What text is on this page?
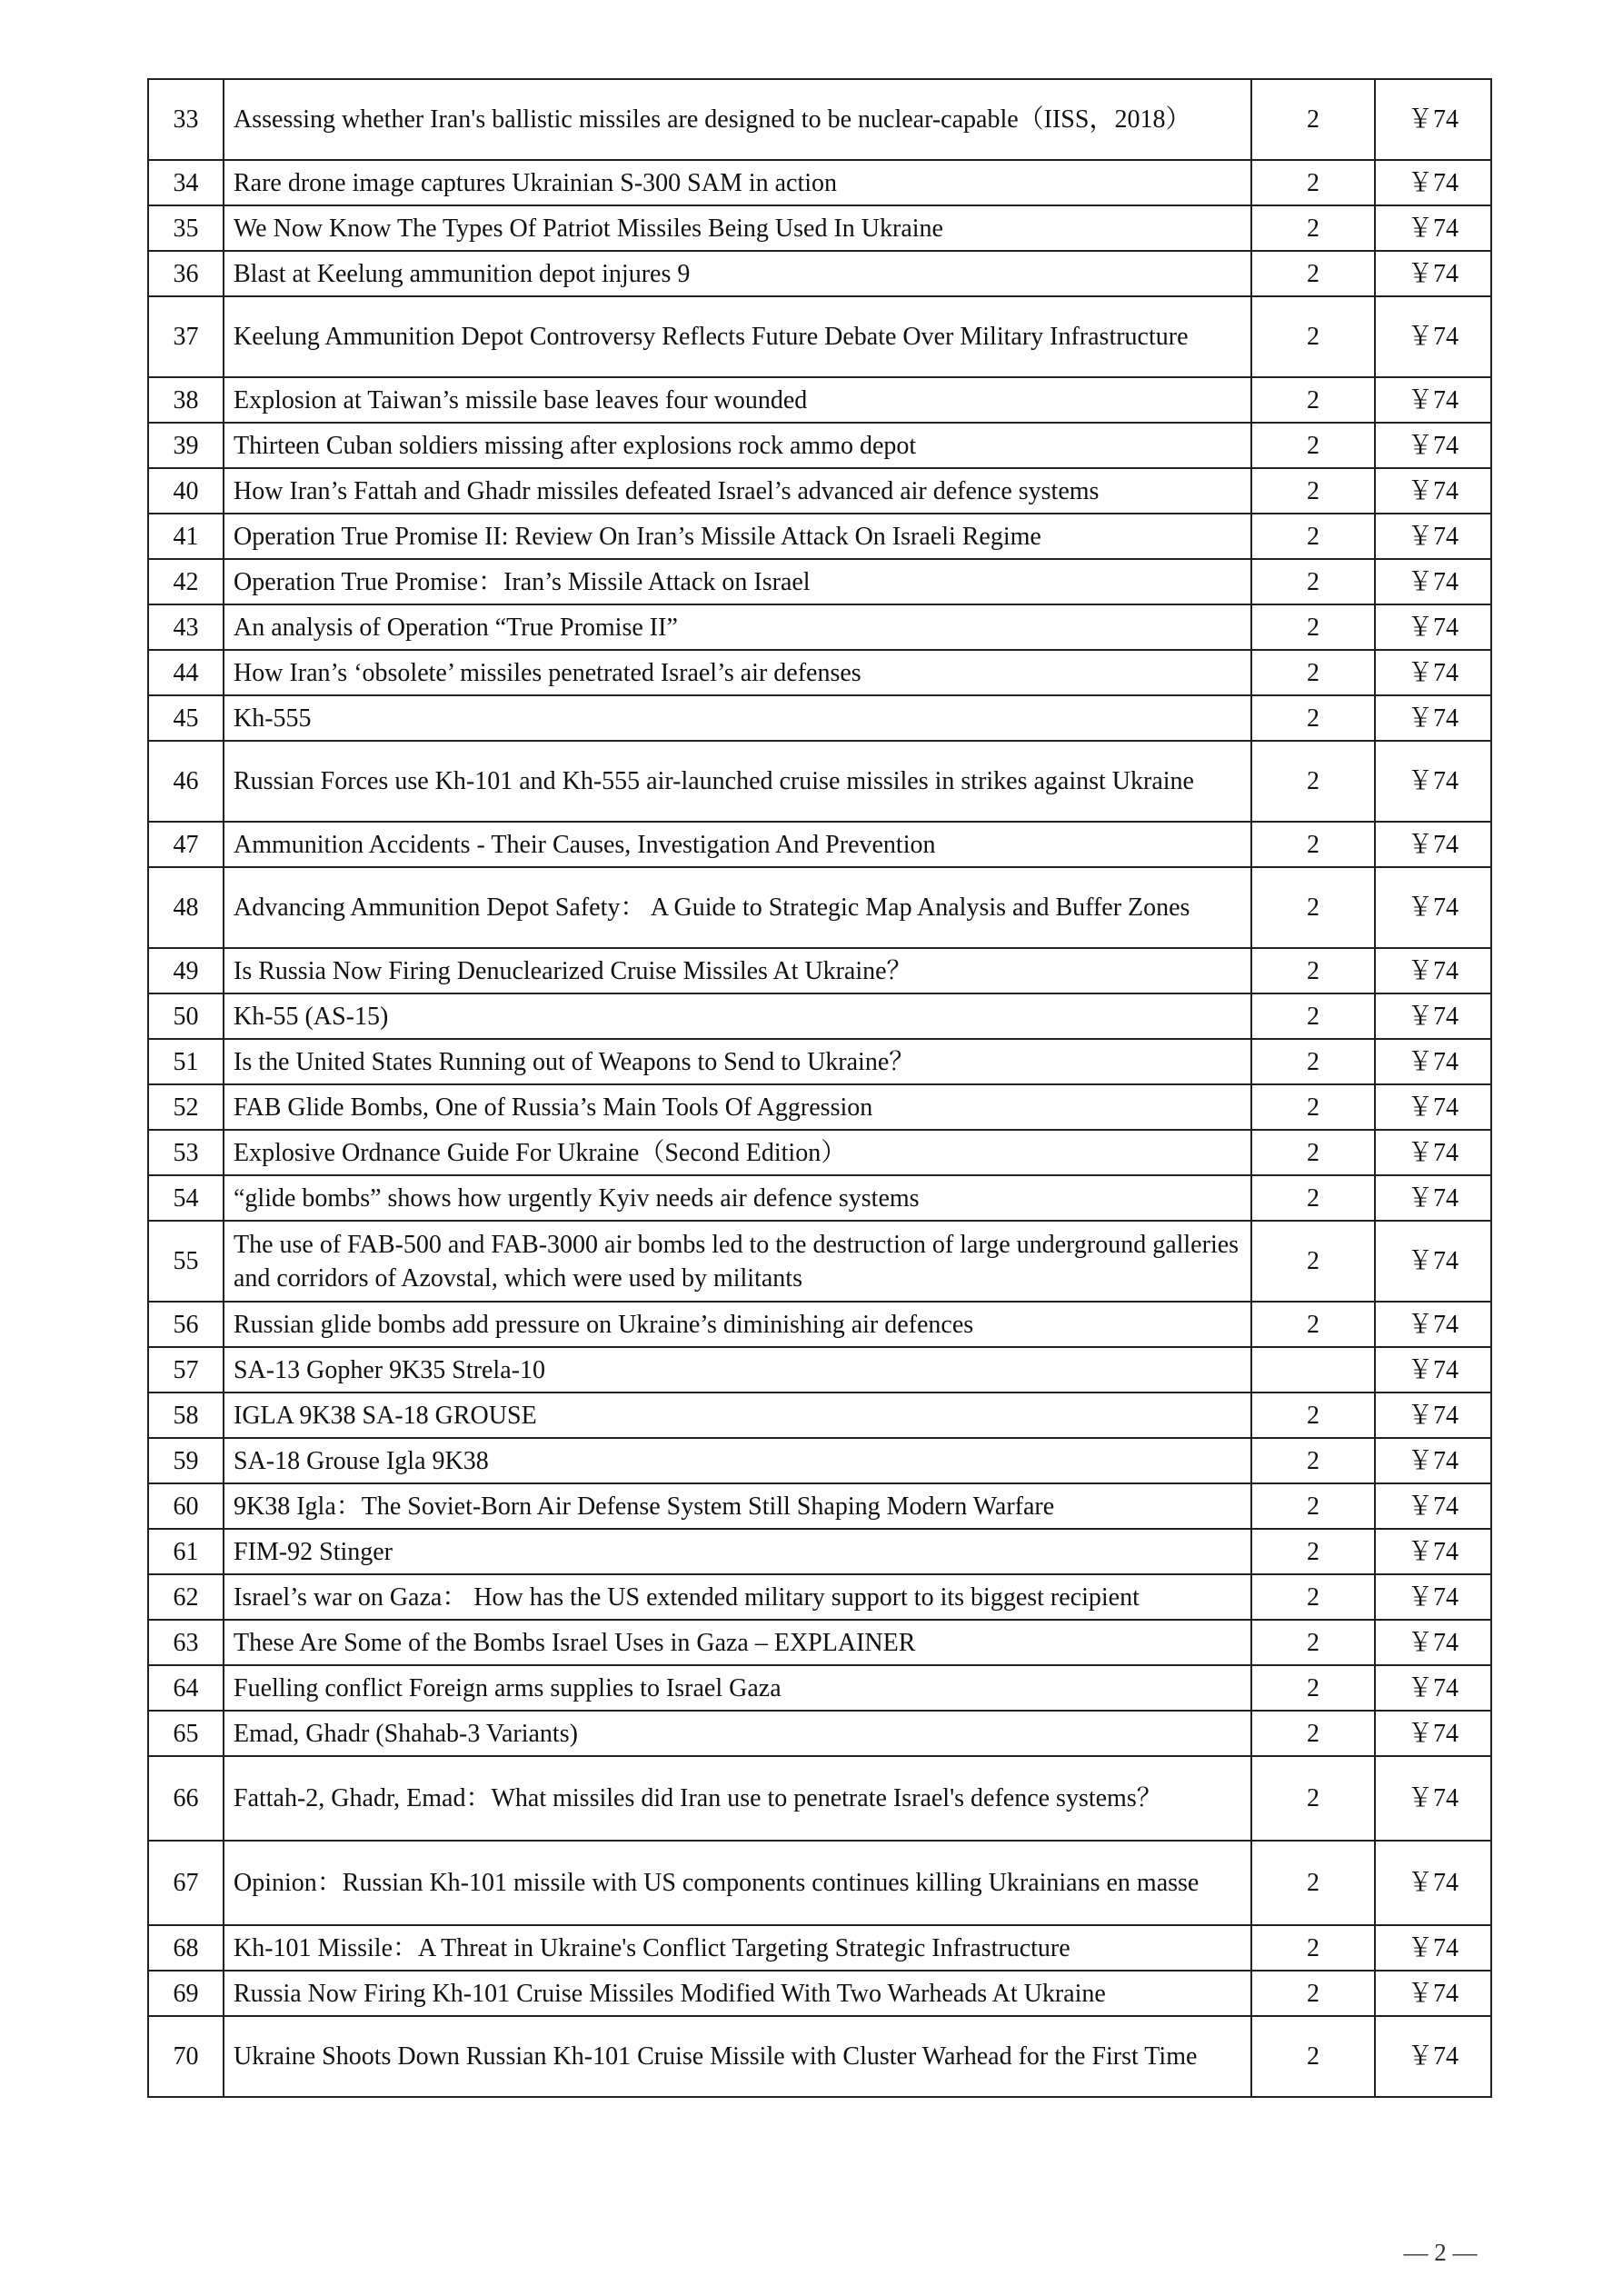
33	Assessing whether Iran's ballistic missiles are designed to be nuclear-capable（IISS，2018）	2	￥74
34	Rare drone image captures Ukrainian S-300 SAM in action	2	￥74
35	We Now Know The Types Of Patriot Missiles Being Used In Ukraine	2	￥74
36	Blast at Keelung ammunition depot injures 9	2	￥74
37	Keelung Ammunition Depot Controversy Reflects Future Debate Over Military Infrastructure	2	￥74
38	Explosion at Taiwan’s missile base leaves four wounded	2	￥74
39	Thirteen Cuban soldiers missing after explosions rock ammo depot	2	￥74
40	How Iran’s Fattah and Ghadr missiles defeated Israel’s advanced air defence systems	2	￥74
41	Operation True Promise II: Review On Iran’s Missile Attack On Israeli Regime	2	￥74
42	Operation True Promise：Iran’s Missile Attack on Israel	2	￥74
43	An analysis of Operation “True Promise II”	2	￥74
44	How Iran’s ‘obsolete’ missiles penetrated Israel’s air defenses	2	￥74
45	Kh-555	2	￥74
46	Russian Forces use Kh-101 and Kh-555 air-launched cruise missiles in strikes against Ukraine	2	￥74
47	Ammunition Accidents - Their Causes, Investigation And Prevention	2	￥74
48	Advancing Ammunition Depot Safety： A Guide to Strategic Map Analysis and Buffer Zones	2	￥74
49	Is Russia Now Firing Denuclearized Cruise Missiles At Ukraine？	2	￥74
50	Kh-55 (AS-15)	2	￥74
51	Is the United States Running out of Weapons to Send to Ukraine？	2	￥74
52	FAB Glide Bombs, One of Russia’s Main Tools Of Aggression	2	￥74
53	Explosive Ordnance Guide For Ukraine（Second Edition）	2	￥74
54	“glide bombs” shows how urgently Kyiv needs air defence systems	2	￥74
55	The use of FAB-500 and FAB-3000 air bombs led to the destruction of large underground galleries and corridors of Azovstal, which were used by militants	2	￥74
56	Russian glide bombs add pressure on Ukraine’s diminishing air defences	2	￥74
57	SA-13 Gopher 9K35 Strela-10		￥74
58	IGLA 9K38 SA-18 GROUSE	2	￥74
59	SA-18 Grouse Igla 9K38	2	￥74
60	9K38 Igla：The Soviet-Born Air Defense System Still Shaping Modern Warfare	2	￥74
61	FIM-92 Stinger	2	￥74
62	Israel’s war on Gaza： How has the US extended military support to its biggest recipient	2	￥74
63	These Are Some of the Bombs Israel Uses in Gaza – EXPLAINER	2	￥74
64	Fuelling conflict Foreign arms supplies to Israel Gaza	2	￥74
65	Emad, Ghadr (Shahab-3 Variants)	2	￥74
66	Fattah-2, Ghadr, Emad：What missiles did Iran use to penetrate Israel's defence systems？	2	￥74
67	Opinion：Russian Kh-101 missile with US components continues killing Ukrainians en masse	2	￥74
68	Kh-101 Missile：A Threat in Ukraine's Conflict Targeting Strategic Infrastructure	2	￥74
69	Russia Now Firing Kh-101 Cruise Missiles Modified With Two Warheads At Ukraine	2	￥74
70	Ukraine Shoots Down Russian Kh-101 Cruise Missile with Cluster Warhead for the First Time	2	￥74
— 2 —
